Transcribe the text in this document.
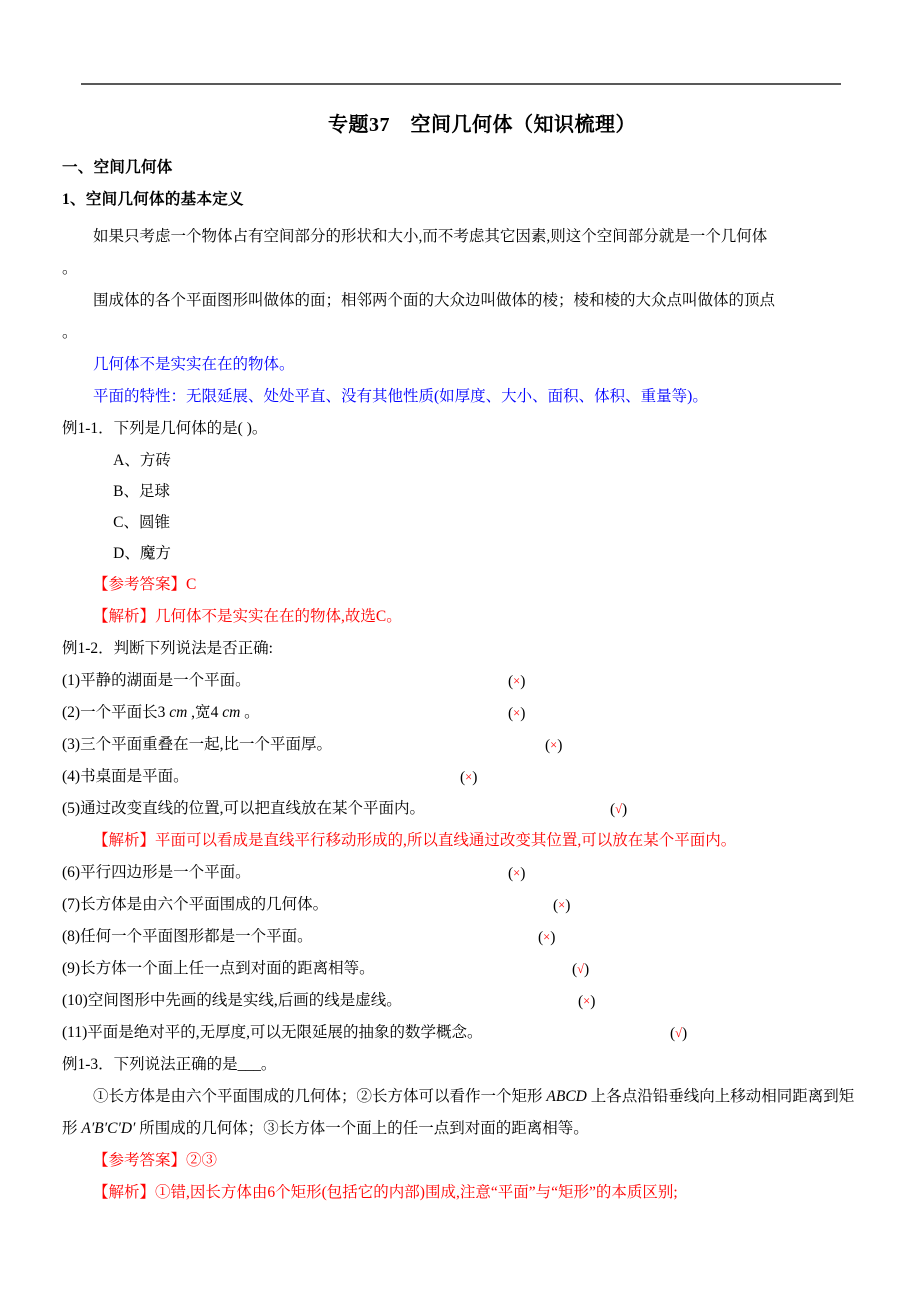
专题37　空间几何体（知识梳理）
一、空间几何体
1、空间几何体的基本定义

如果只考虑一个物体占有空间部分的形状和大小,而不考虑其它因素,则这个空间部分就是一个几何体

。

围成体的各个平面图形叫做体的面；相邻两个面的大众边叫做体的棱；棱和棱的大众点叫做体的顶点

。

几何体不是实实在在的物体。

平面的特性：无限延展、处处平直、没有其他性质(如厚度、大小、面积、体积、重量等)。

例1-1．下列是几何体的是( )。

A、方砖

B、足球

C、圆锥

D、魔方

【参考答案】C

【解析】几何体不是实实在在的物体,故选C。

例1-2．判断下列说法是否正确:

(1)平静的湖面是一个平面。	(×)

(2)一个平面长3 cm ,宽4 cm 。	(×)

(3)三个平面重叠在一起,比一个平面厚。	(×)

(4)书桌面是平面。	(×)

(5)通过改变直线的位置,可以把直线放在某个平面内。	(√)

【解析】平面可以看成是直线平行移动形成的,所以直线通过改变其位置,可以放在某个平面内。

(6)平行四边形是一个平面。	(×)

(7)长方体是由六个平面围成的几何体。	(×)

(8)任何一个平面图形都是一个平面。	(×)

(9)长方体一个面上任一点到对面的距离相等。	(√)

(10)空间图形中先画的线是实线,后画的线是虚线。	(×)

(11)平面是绝对平的,无厚度,可以无限延展的抽象的数学概念。	(√)

例1-3．下列说法正确的是___。

①长方体是由六个平面围成的几何体；②长方体可以看作一个矩形 ABCD 上各点沿铅垂线向上移动相同距离到矩形 A′B′C′D′ 所围成的几何体；③长方体一个面上的任一点到对面的距离相等。

【参考答案】②③

【解析】①错,因长方体由6个矩形(包括它的内部)围成,注意“平面”与“矩形”的本质区别;
